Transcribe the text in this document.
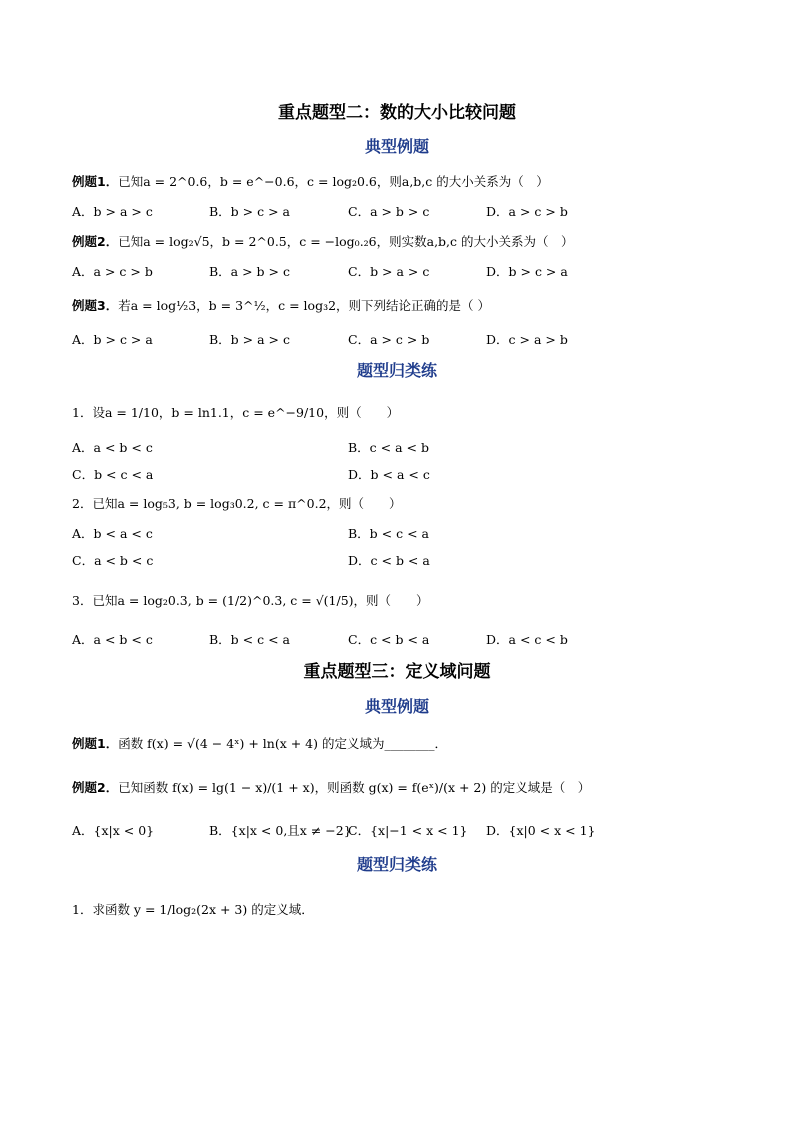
重点题型二：数的大小比较问题
典型例题
例题1．已知a = 2^0.6，b = e^−0.6，c = log₂0.6，则a,b,c 的大小关系为（　）
A．b > a > c	B．b > c > a	C．a > b > c	D．a > c > b
例题2．已知a = log₂√5，b = 2^0.5，c = −log₀.₂6，则实数a,b,c 的大小关系为（　）
A．a > c > b	B．a > b > c	C．b > a > c	D．b > c > a
例题3．若a = log½3，b = 3^½，c = log₃2，则下列结论正确的是（ ）
A．b > c > a	B．b > a > c	C．a > c > b	D．c > a > b
题型归类练
1．设a = 1/10，b = ln1.1，c = e^−9/10，则（　　）
A．a < b < c	B．c < a < b
C．b < c < a	D．b < a < c
2．已知a = log₅3, b = log₃0.2, c = π^0.2，则（　　）
A．b < a < c	B．b < c < a
C．a < b < c	D．c < b < a
3．已知a = log₂0.3, b = (1/2)^0.3, c = √(1/5)，则（　　）
A．a < b < c	B．b < c < a	C．c < b < a	D．a < c < b
重点题型三：定义域问题
典型例题
例题1．函数 f(x) = √(4 − 4ˣ) + ln(x + 4) 的定义域为________．
例题2．已知函数 f(x) = lg(1 − x)/(1 + x)，则函数 g(x) = f(eˣ)/(x + 2) 的定义域是（　）
A．{x|x < 0}	B．{x|x < 0,且x ≠ −2}
C．{x|−1 < x < 1} D．{x|0 < x < 1}
题型归类练
1．求函数 y = 1/log₂(2x + 3) 的定义域．
